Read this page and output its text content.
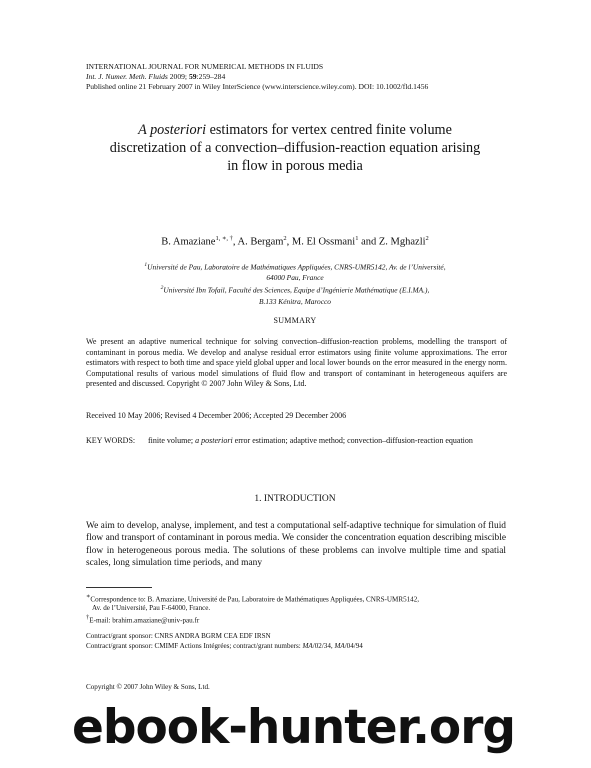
INTERNATIONAL JOURNAL FOR NUMERICAL METHODS IN FLUIDS
Int. J. Numer. Meth. Fluids 2009; 59:259–284
Published online 21 February 2007 in Wiley InterScience (www.interscience.wiley.com). DOI: 10.1002/fld.1456
A posteriori estimators for vertex centred finite volume
discretization of a convection–diffusion-reaction equation arising
in flow in porous media
B. Amaziane$^{1, ∗, \dagger}$, A. Bergam$^2$, M. El Ossmani$^1$ and Z. Mghazli$^2$
$^1$Université de Pau, Laboratoire de Mathématiques Appliquées, CNRS-UMR5142, Av. de l’Université,
64000 Pau, France
$^2$Université Ibn Tofail, Faculté des Sciences, Equipe d’Ingénierie Mathématique (E.I.MA.),
B.133 Kénitra, Marocco
SUMMARY
We present an adaptive numerical technique for solving convection–diffusion-reaction problems, modelling the transport of contaminant in porous media. We develop and analyse residual error estimators using finite volume approximations. The error estimators with respect to both time and space yield global upper and local lower bounds on the error measured in the energy norm. Computational results of various model simulations of fluid flow and transport of contaminant in heterogeneous aquifers are presented and discussed. Copyright © 2007 John Wiley & Sons, Ltd.
Received 10 May 2006; Revised 4 December 2006; Accepted 29 December 2006
KEY WORDS: finite volume; a posteriori error estimation; adaptive method; convection–diffusion-reaction equation
1. INTRODUCTION
We aim to develop, analyse, implement, and test a computational self-adaptive technique for simulation of fluid flow and transport of contaminant in porous media. We consider the concentration equation describing miscible flow in heterogeneous porous media. The solutions of these problems can involve multiple time and spatial scales, long simulation time periods, and many
∗Correspondence to: B. Amaziane, Université de Pau, Laboratoire de Mathématiques Appliquées, CNRS-UMR5142,
Av. de l’Université, Pau F-64000, France.
†E-mail: brahim.amaziane@univ-pau.fr
Contract/grant sponsor: CNRS ANDRA BGRM CEA EDF IRSN
Contract/grant sponsor: CMIMF Actions Intégrées; contract/grant numbers: MA/02/34, MA/04/94
Copyright © 2007 John Wiley & Sons, Ltd.
ebook-hunter.org
